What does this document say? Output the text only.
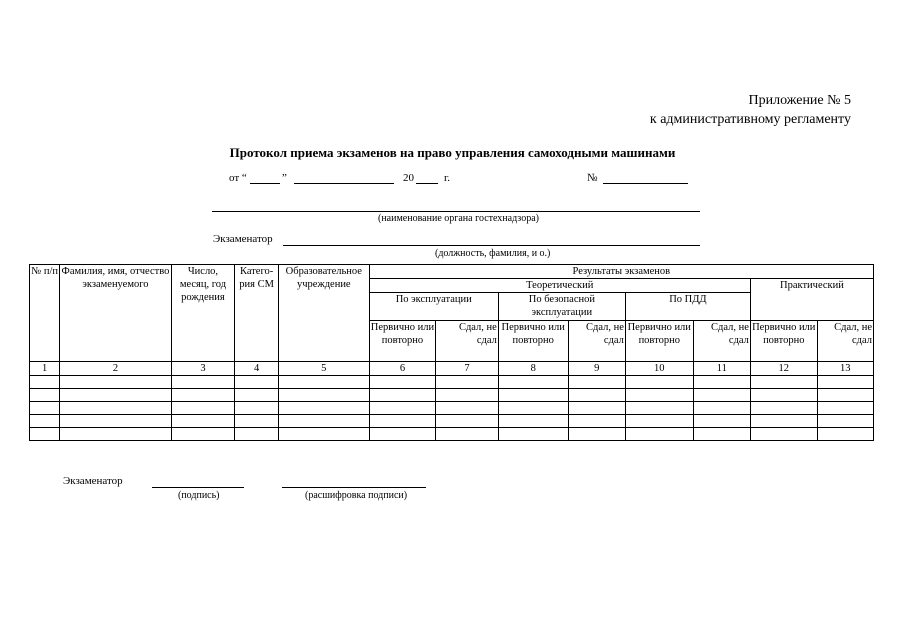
Приложение № 5
к административному регламенту
Протокол приема экзаменов на право управления самоходными машинами
от “	”	20	г.	№
(наименование органа гостехнадзора)
Экзаменатор
(должность, фамилия, и о.)
№ п/п	Фамилия, имя, отчество экзаменуемого	Число, месяц, год рождения	Катего-рия СМ	Образовательное учреждение	Результаты экзаменов							
					Теоретический						Практический	
					По эксплуатации		По безопасной эксплуатации		По ПДД			
					Первично или повторно	Сдал, не сдал	Первично или повторно	Сдал, не сдал	Первично или повторно	Сдал, не сдал	Первично или повторно	Сдал, не сдал
1	2	3	4	5	6	7	8	9	10	11	12	13

Экзаменатор
(подпись)	(расшифровка подписи)
